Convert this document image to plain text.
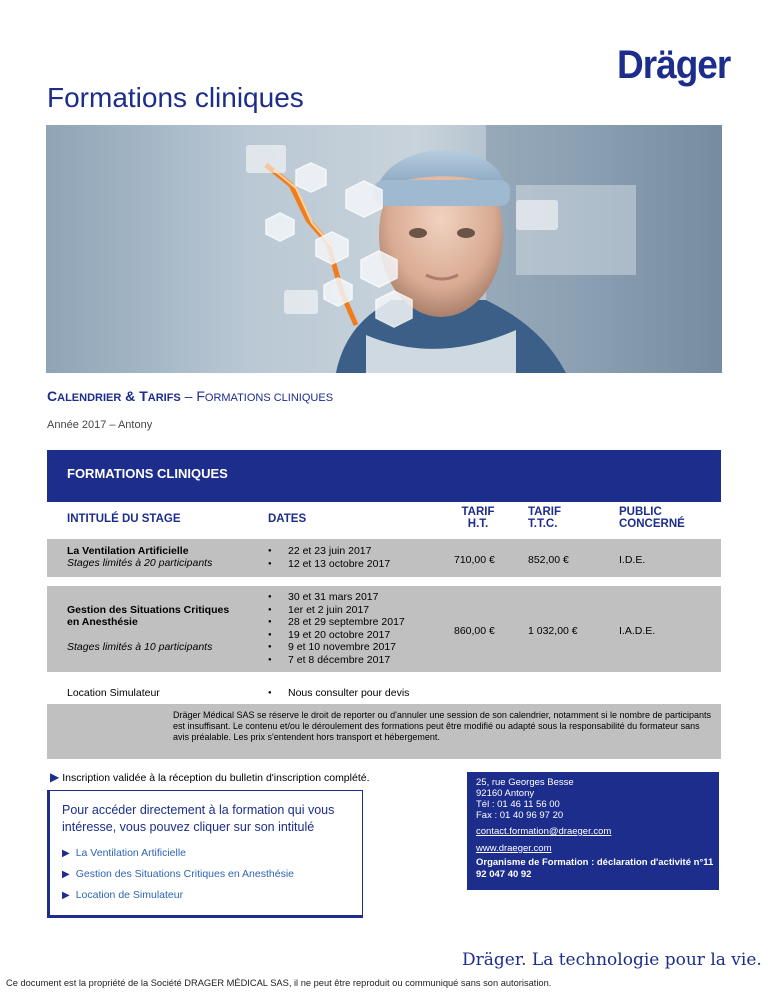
Dräger
Formations cliniques
CALENDRIER & TARIFS – FORMATIONS CLINIQUES
Année 2017 – Antony
FORMATIONS CLINIQUES
INTITULÉ DU STAGE	DATES
TARIF
H.T.
TARIF
T.T.C.
PUBLIC
CONCERNÉ
La Ventilation Artificielle
Stages limités à 20 participants
● 22 et 23 juin 2017
● 12 et 13 octobre 2017	710,00 €	852,00 €	I.D.E.
Gestion des Situations Critiques
en Anesthésie
Stages limités à 10 participants
● 30 et 31 mars 2017
● 1er et 2 juin 2017
● 28 et 29 septembre 2017
● 19 et 20 octobre 2017
● 9 et 10 novembre 2017
● 7 et 8 décembre 2017
860,00 €	1 032,00 €	I.A.D.E.
Location Simulateur
●	Nous consulter pour devis

Dräger Médical SAS se réserve le droit de reporter ou d'annuler une session de son calendrier, notamment si le nombre de participants est insuffisant. Le contenu et/ou le déroulement des formations peut être modifié ou adapté sous la responsabilité du formateur sans avis préalable. Les prix s'entendent hors transport et hébergement.

▶ Inscription validée à la réception du bulletin d'inscription complété.
Pour accéder directement à la formation qui vous intéresse, vous pouvez cliquer sur son intitulé
▶ La Ventilation Artificielle
▶ Gestion des Situations Critiques en Anesthésie
▶ Location de Simulateur
25, rue Georges Besse
92160 Antony
Tél : 01 46 11 56 00
Fax : 01 40 96 97 20
contact.formation@draeger.com
www.draeger.com
Organisme de Formation : déclaration d'activité n°11 92 047 40 92
Dräger. La technologie pour la vie.
Ce document est la propriété de la Société DRAGER MÉDICAL SAS, il ne peut être reproduit ou communiqué sans son autorisation.
